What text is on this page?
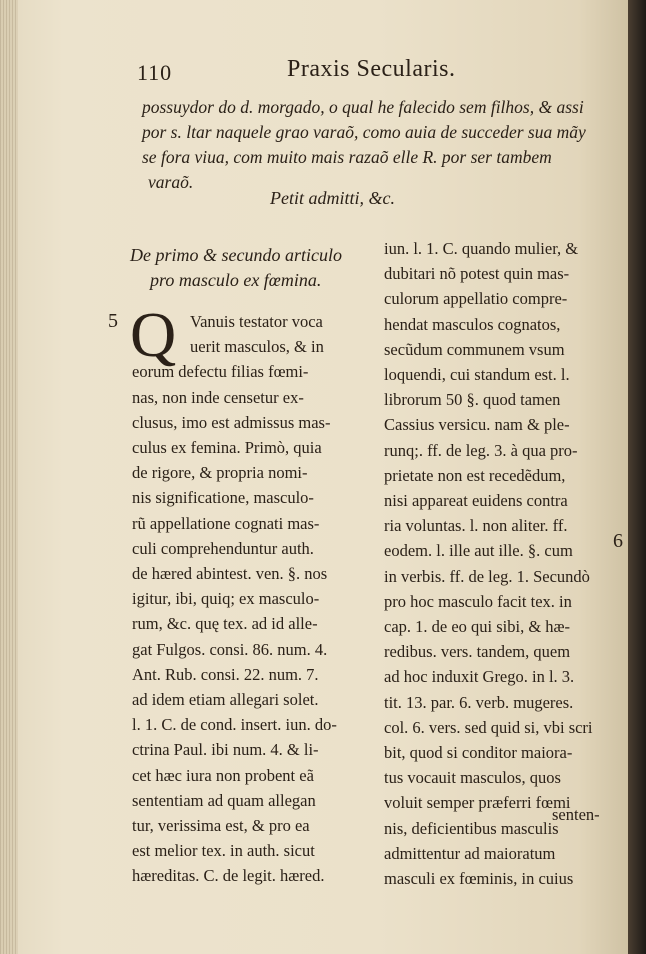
110	Praxis Secularis.
possuydor do d. morgado, o qual he falecido sem filhos, & assi
por s. ltar naquele grao varaõ, como auia de succeder sua mãy
se fora viua, com muito mais razaõ elle R. por ser tambem
varaõ.
Petit admitti, &c.
De primo & secundo articulo
pro masculo ex fœmina.
5
6
Q Vanuis testator voca
uerit masculos, & in
eorum defectu filias fœmi-
nas, non inde censetur ex-
clusus, imo est admissus mas-
culus ex femina. Primò, quia
de rigore, & propria nomi-
nis significatione, masculo-
rũ appellatione cognati mas-
culi comprehenduntur auth.
de hæred abintest. ven. §. nos
igitur, ibi, quiq; ex masculo-
rum, &c. quę tex. ad id alle-
gat Fulgos. consi. 86. num. 4.
Ant. Rub. consi. 22. num. 7.
ad idem etiam allegari solet.
l. 1. C. de cond. insert. iun. do-
ctrina Paul. ibi num. 4. & li-
cet hæc iura non probent eã
sententiam ad quam allegan
tur, verissima est, & pro ea
est melior tex. in auth. sicut
hæreditas. C. de legit. hæred.
iun. l. 1. C. quando mulier, &
dubitari nõ potest quin mas-
culorum appellatio compre-
hendat masculos cognatos,
secũdum communem vsum
loquendi, cui standum est. l.
librorum 50 §. quod tamen
Cassius versicu. nam & ple-
runq;. ff. de leg. 3. à qua pro-
prietate non est recedẽdum,
nisi appareat euidens contra
ria voluntas. l. non aliter. ff.
eodem. l. ille aut ille. §. cum
in verbis. ff. de leg. 1. Secundò
pro hoc masculo facit tex. in
cap. 1. de eo qui sibi, & hæ-
redibus. vers. tandem, quem
ad hoc induxit Grego. in l. 3.
tit. 13. par. 6. verb. mugeres.
col. 6. vers. sed quid si, vbi scri
bit, quod si conditor maiora-
tus vocauit masculos, quos
voluit semper præferri fœmi
nis, deficientibus masculis
admittentur ad maioratum
masculi ex fœminis, in cuius
senten-
